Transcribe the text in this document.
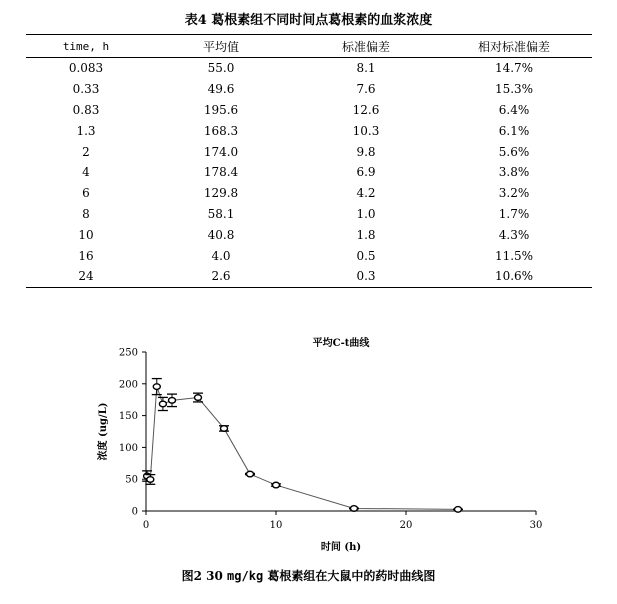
表4 葛根素组不同时间点葛根素的血浆浓度
time, h	平均值	标准偏差	相对标准偏差
0.083	55.0	8.1	14.7%
0.33	49.6	7.6	15.3%
0.83	195.6	12.6	6.4%
1.3	168.3	10.3	6.1%
2	174.0	9.8	5.6%
4	178.4	6.9	3.8%
6	129.8	4.2	3.2%
8	58.1	1.0	1.7%
10	40.8	1.8	4.3%
16	4.0	0.5	11.5%
24	2.6	0.3	10.6%
平均C-t曲线
0
50
100
150
200
250
0	10	20	30
时间 (h)
浓度 (ug/L)
图2 30 mg/kg 葛根素组在大鼠中的药时曲线图
